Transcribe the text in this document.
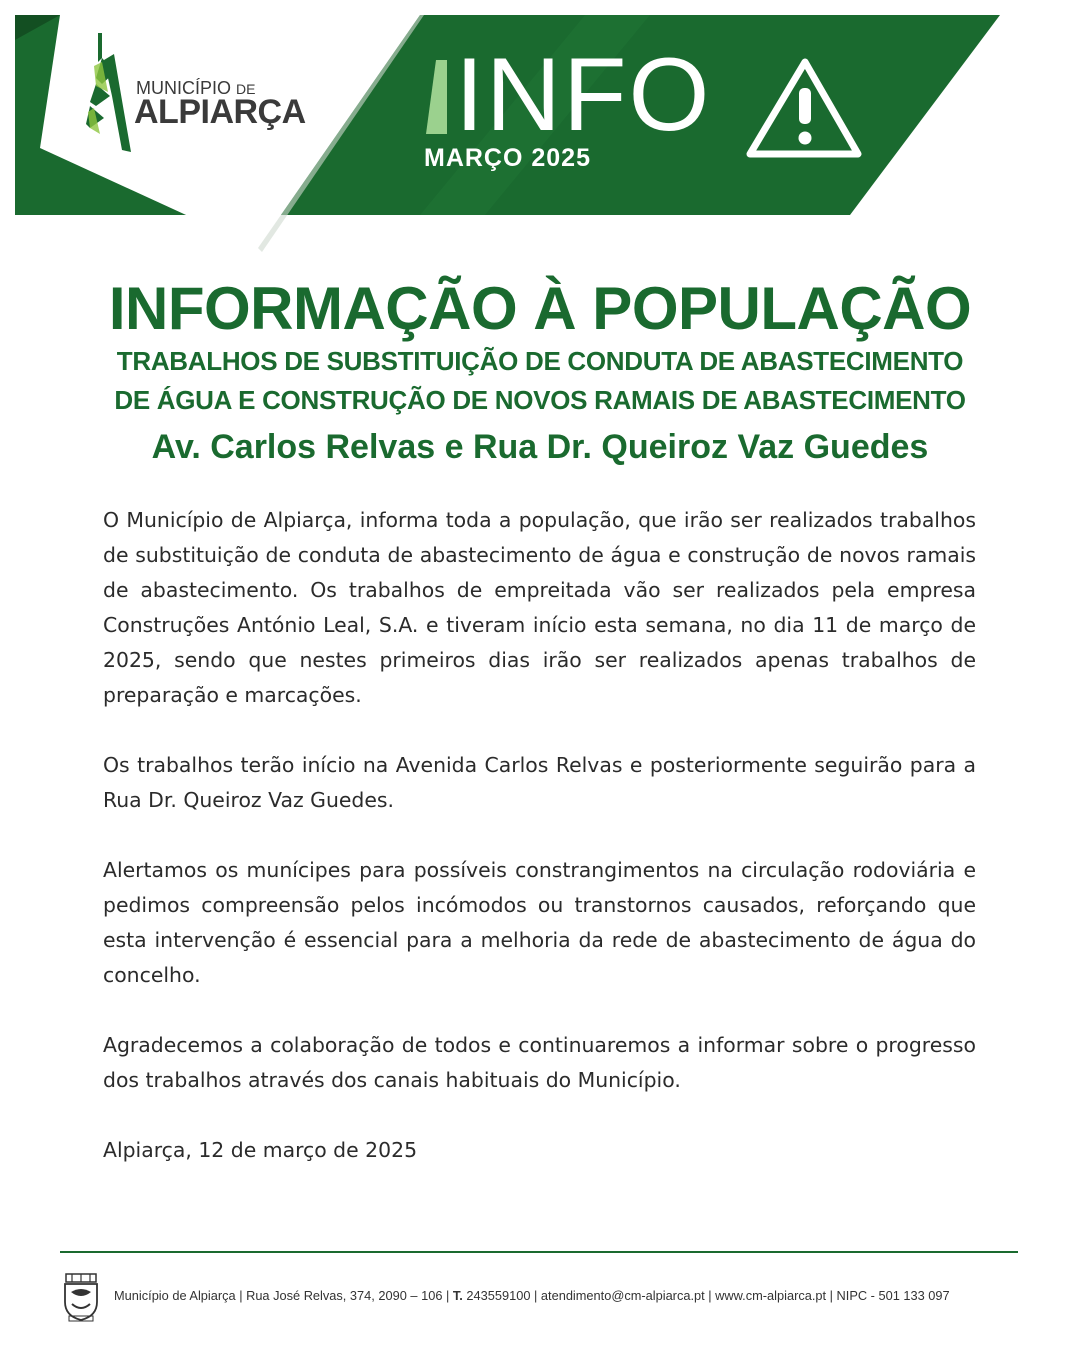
MUNICÍPIO DE
ALPIARÇA INFO
MARÇO 2025
INFORMAÇÃO À POPULAÇÃO
TRABALHOS DE SUBSTITUIÇÃO DE CONDUTA DE ABASTECIMENTO
DE ÁGUA E CONSTRUÇÃO DE NOVOS RAMAIS DE ABASTECIMENTO
Av. Carlos Relvas e Rua Dr. Queiroz Vaz Guedes

O Município de Alpiarça, informa toda a população, que irão ser realizados trabalhos de substituição de conduta de abastecimento de água e construção de novos ramais de abastecimento. Os trabalhos de empreitada vão ser realizados pela empresa Construções António Leal, S.A. e tiveram início esta semana, no dia 11 de março de 2025, sendo que nestes primeiros dias irão ser realizados apenas trabalhos de preparação e marcações.

Os trabalhos terão início na Avenida Carlos Relvas e posteriormente seguirão para a Rua Dr. Queiroz Vaz Guedes.

Alertamos os munícipes para possíveis constrangimentos na circulação rodoviária e pedimos compreensão pelos incómodos ou transtornos causados, reforçando que esta intervenção é essencial para a melhoria da rede de abastecimento de água do concelho.

Agradecemos a colaboração de todos e continuaremos a informar sobre o progresso dos trabalhos através dos canais habituais do Município.

Alpiarça, 12 de março de 2025

Município de Alpiarça | Rua José Relvas, 374, 2090 – 106 | T. 243559100 | atendimento@cm-alpiarca.pt | www.cm-alpiarca.pt | NIPC - 501 133 097
